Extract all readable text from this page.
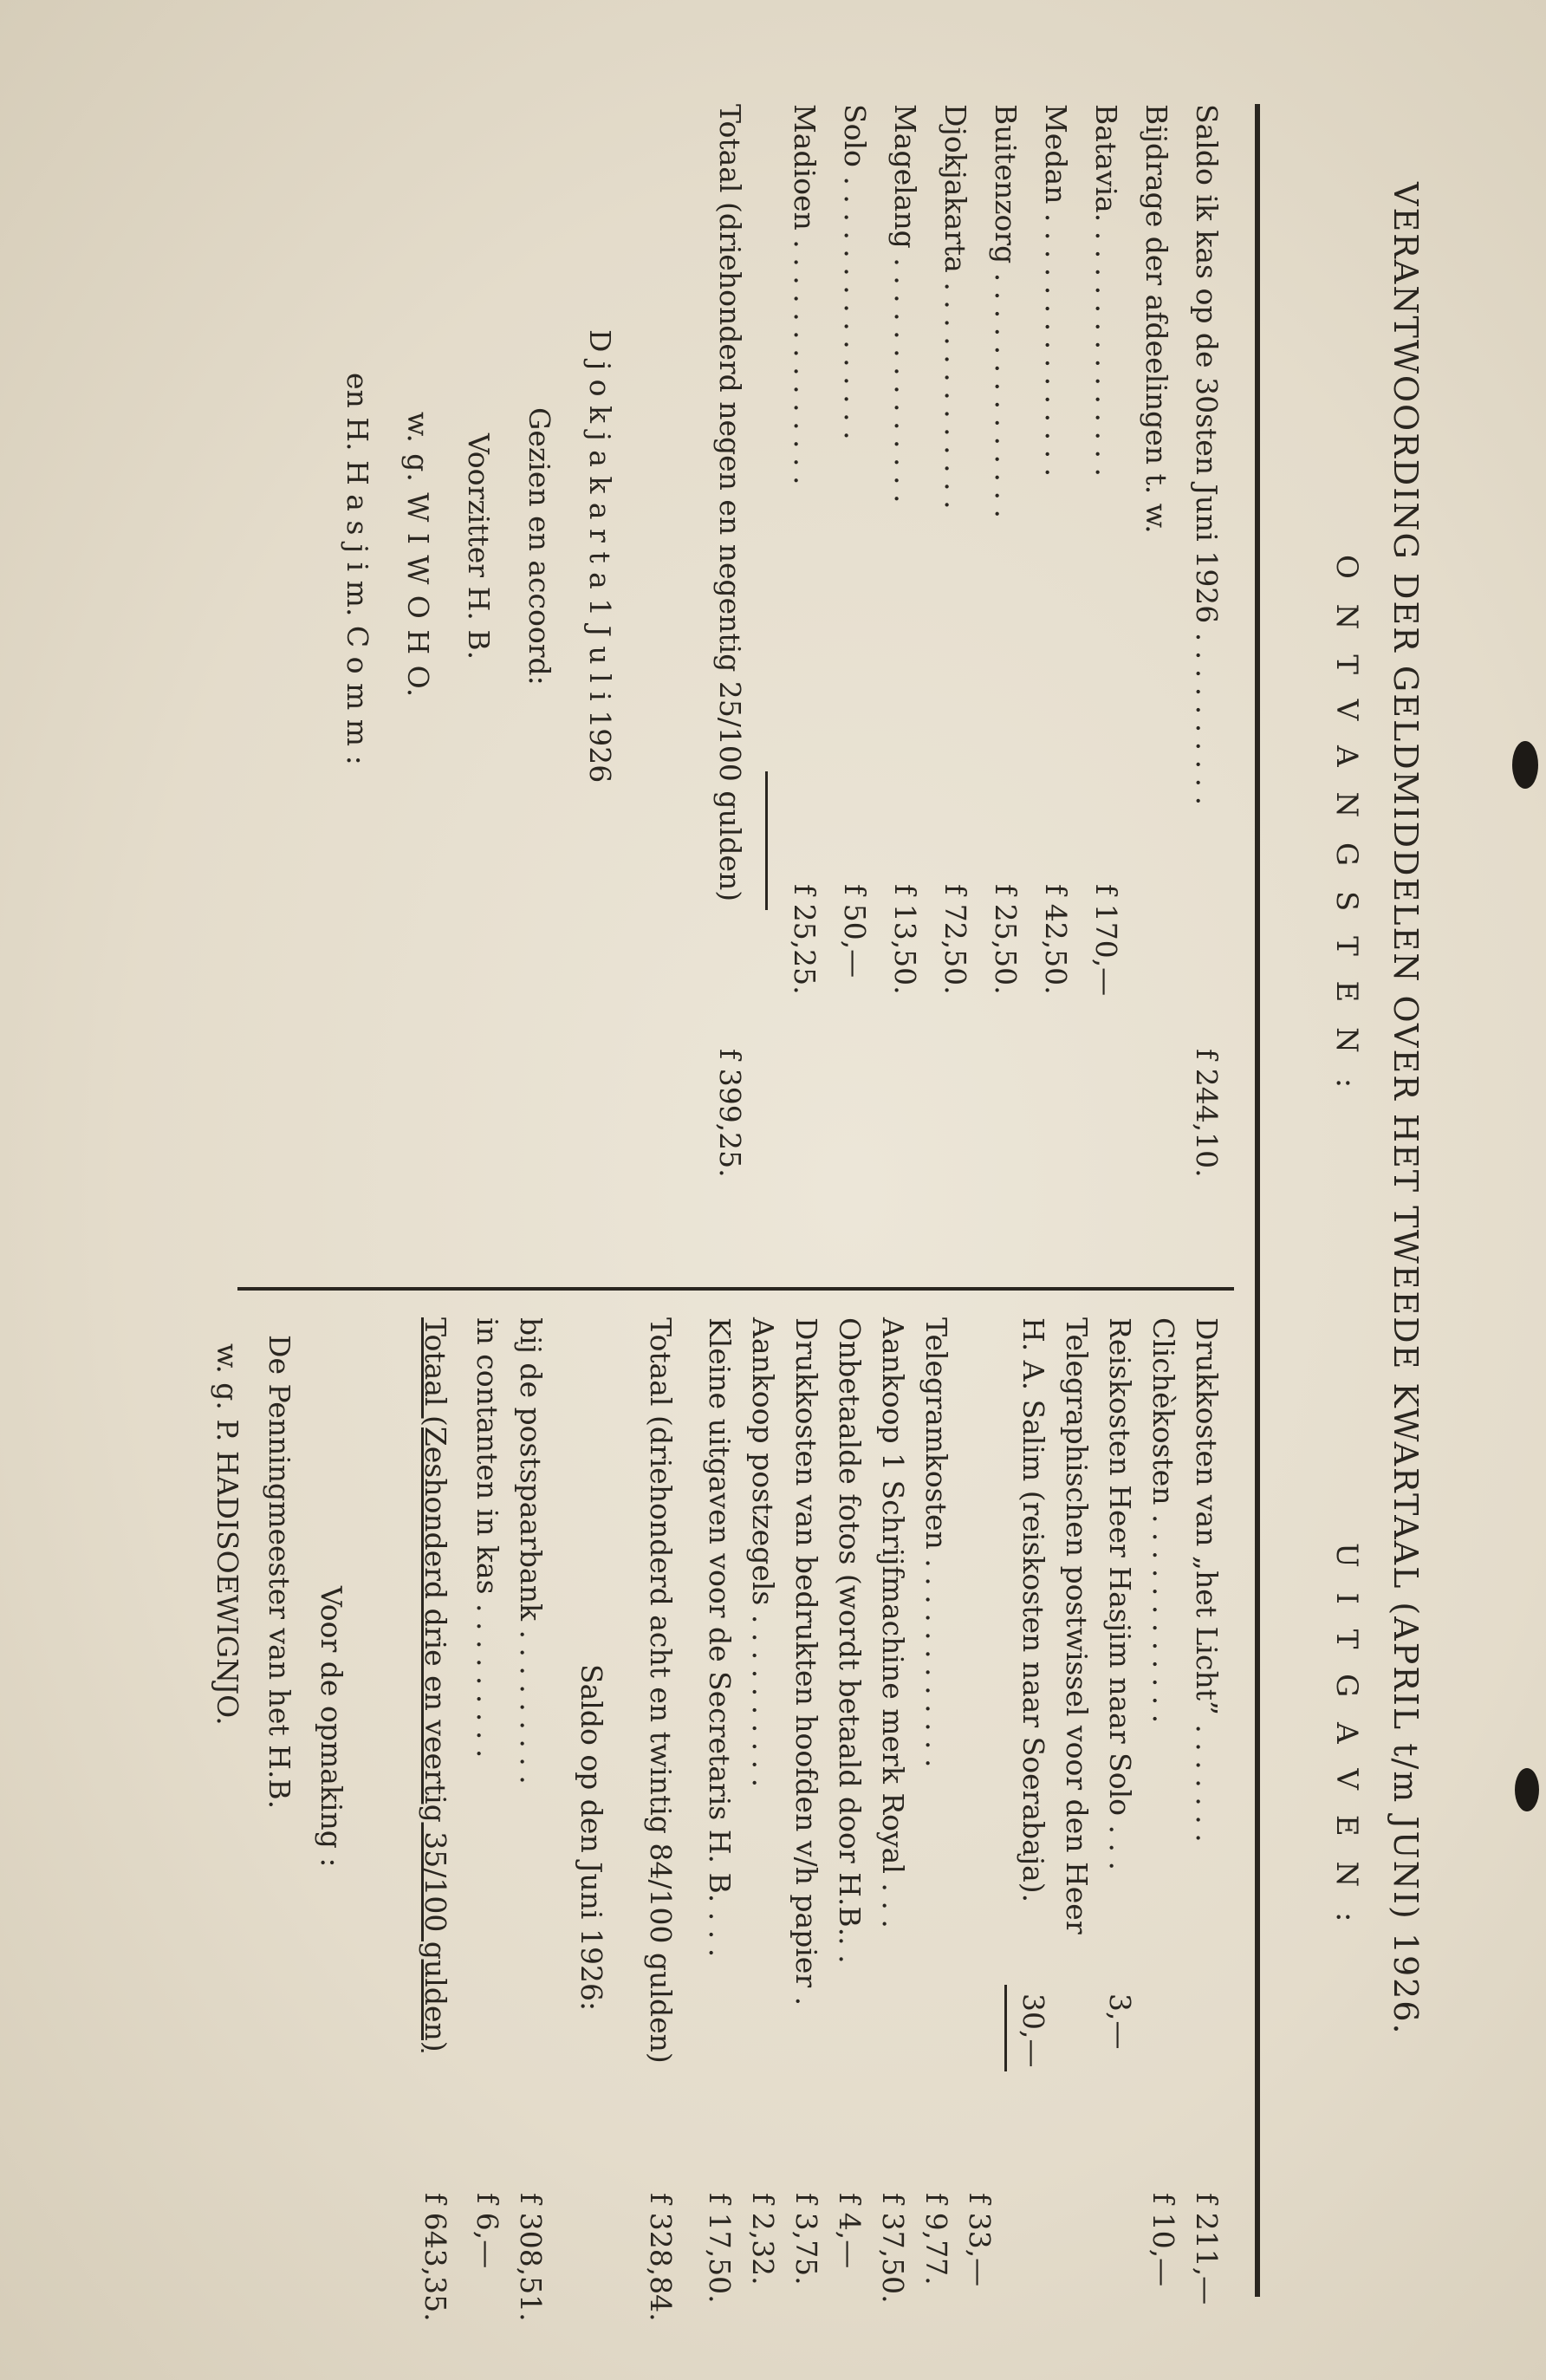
VERANTWOORDING DER GELDMIDDELEN OVER HET TWEEDE KWARTAAL (APRIL t/m JUNI) 1926.
O N T V A N G S T E N :
Saldo ik kas op de 30sten Juni 1926 . . . . . . . . . .
f 244,10.
Bijdrage der afdeelingen t. w.
Batavia. . . . . . . . . . . . . . .
f 170,—
Medan . . . . . . . . . . . . . . .
f 42,50.
Buitenzorg . . . . . . . . . . . . . .
f 25,50.
Djokjakarta . . . . . . . . . . . . .
f 72,50.
Magelang . . . . . . . . . . . . . .
f 13,50.
Solo . . . . . . . . . . . . . . .
f 50,—
Madioen . . . . . . . . . . . . . .
f 25,25.
Totaal (driehonderd negen en negentig 25/100 gulden)
f 399,25.
D j o k j a k a r t a 1 J u l i 1926
Gezien en accoord:
Voorzitter H. B.
w. g. W I W O H O.
en H. H a s j i m. C o m m :
U I T G A V E N :
Drukkosten van „het Licht” . . . . . . .
f 211,—
Clichèkosten . . . . . . . . . . . .
f 10,—
Reiskosten Heer Hasjim naar Solo . . .
3,—
Telegraphischen postwissel voor den Heer
H. A. Salim (reiskosten naar Soerabaja).
30,—
f 33,—
Telegramkosten . . . . . . . . . . . .
f 9,77.
Aankoop 1 Schrijfmachine merk Royal . . .
f 37,50.
Onbetaalde fotos (wordt betaald door H.B.. .
f 4,—
Drukkosten van bedrukten hoofden v/h papier .
f 3,75.
Aankoop postzegels . . . . . . . . . .
f 2,32.
Kleine uitgaven voor de Secretaris H. B. . . .
f 17,50.
Totaal (driehonderd acht en twintig 84/100 gulden)
f 328,84.
Saldo op den Juni 1926:
bij de postspaarbank . . . . . . . . .
f 308,51.
in contanten in kas . . . . . . . . .
f 6,—
Totaal (Zeshonderd drie en veertig 35/100 gulden)
f 643,35.
Voor de opmaking :
De Penningmeester van het H.B.
w. g. P. HADISOEWIGNJO.
